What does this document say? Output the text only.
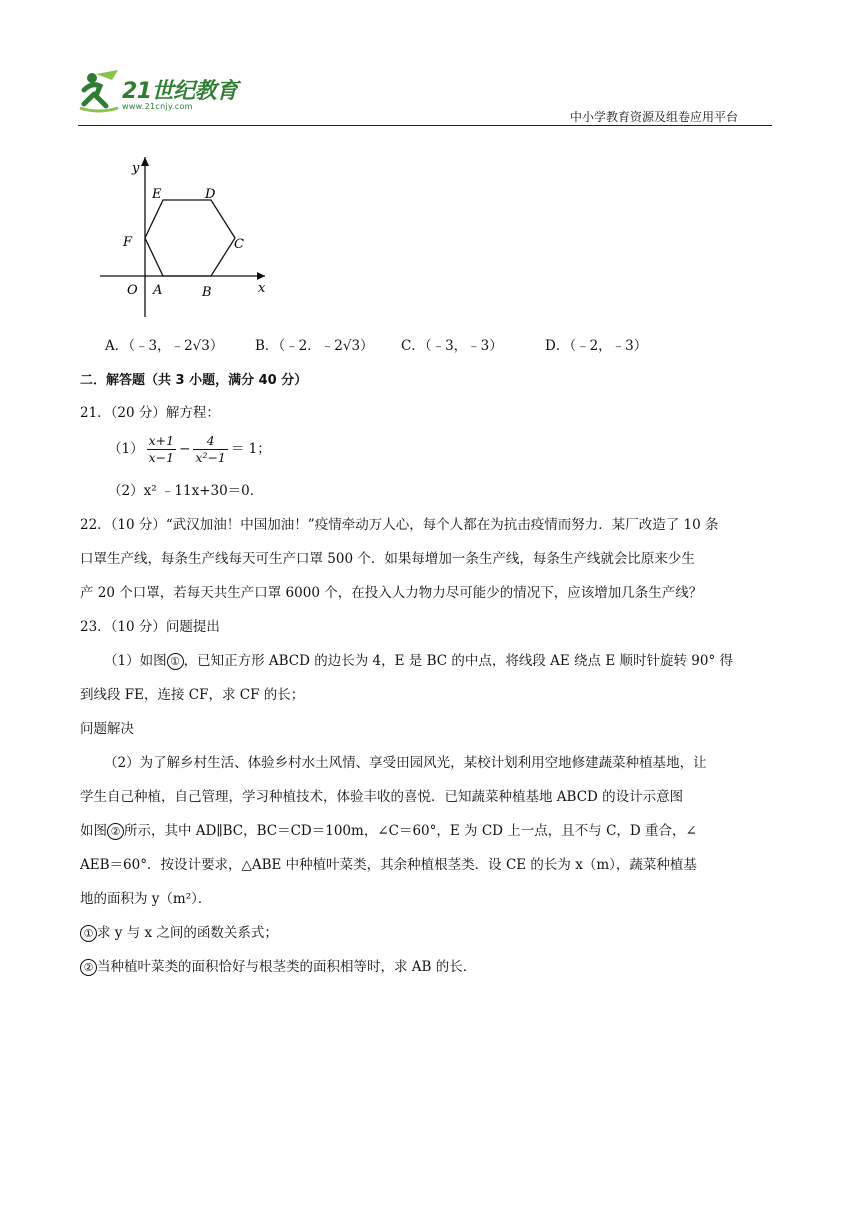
21世纪教育
www.21cnjy.com
中小学教育资源及组卷应用平台
y
x
O A	B
C
D
E
F
A．（﹣3，﹣2√3） B．（﹣2．﹣2√3） C．（﹣3，﹣3）	D．（﹣2，﹣3）
二．解答题（共 3 小题，满分 40 分）
21．（20 分）解方程：
$(1) \frac{x+1}{x-1} - \frac{4}{\text{x²−1}} = 1$；
（2）x² ﹣11x+30＝0．
22．（10 分）“武汉加油！中国加油！”疫情牵动万人心，每个人都在为抗击疫情而努力．某厂改造了 10 条
口罩生产线，每条生产线每天可生产口罩 500 个．如果每增加一条生产线，每条生产线就会比原来少生
产 20 个口罩，若每天共生产口罩 6000 个，在投入人力物力尽可能少的情况下，应该增加几条生产线？
23．（10 分）问题提出
（1）如图 ① ，已知正方形 ABCD 的边长为 4，E 是 BC 的中点，将线段 AE 绕点 E 顺时针旋转 90° 得
到线段 FE，连接 CF，求 CF 的长；
问题解决
（2）为了解乡村生活、体验乡村水土风情、享受田园风光，某校计划利用空地修建蔬菜种植基地，让
学生自己种植，自己管理，学习种植技术，体验丰收的喜悦．已知蔬菜种植基地 ABCD 的设计示意图
如图 ② 所示，其中 AD∥BC，BC＝CD＝100m，∠C＝60°，E 为 CD 上一点，且不与 C，D 重合，∠
AEB＝60°．按设计要求，△ABE 中种植叶菜类，其余种植根茎类．设 CE 的长为 x（m），蔬菜种植基
地的面积为 y（m²）．
① 求 y 与 x 之间的函数关系式；
② 当种植叶菜类的面积恰好与根茎类的面积相等时，求 AB 的长．
